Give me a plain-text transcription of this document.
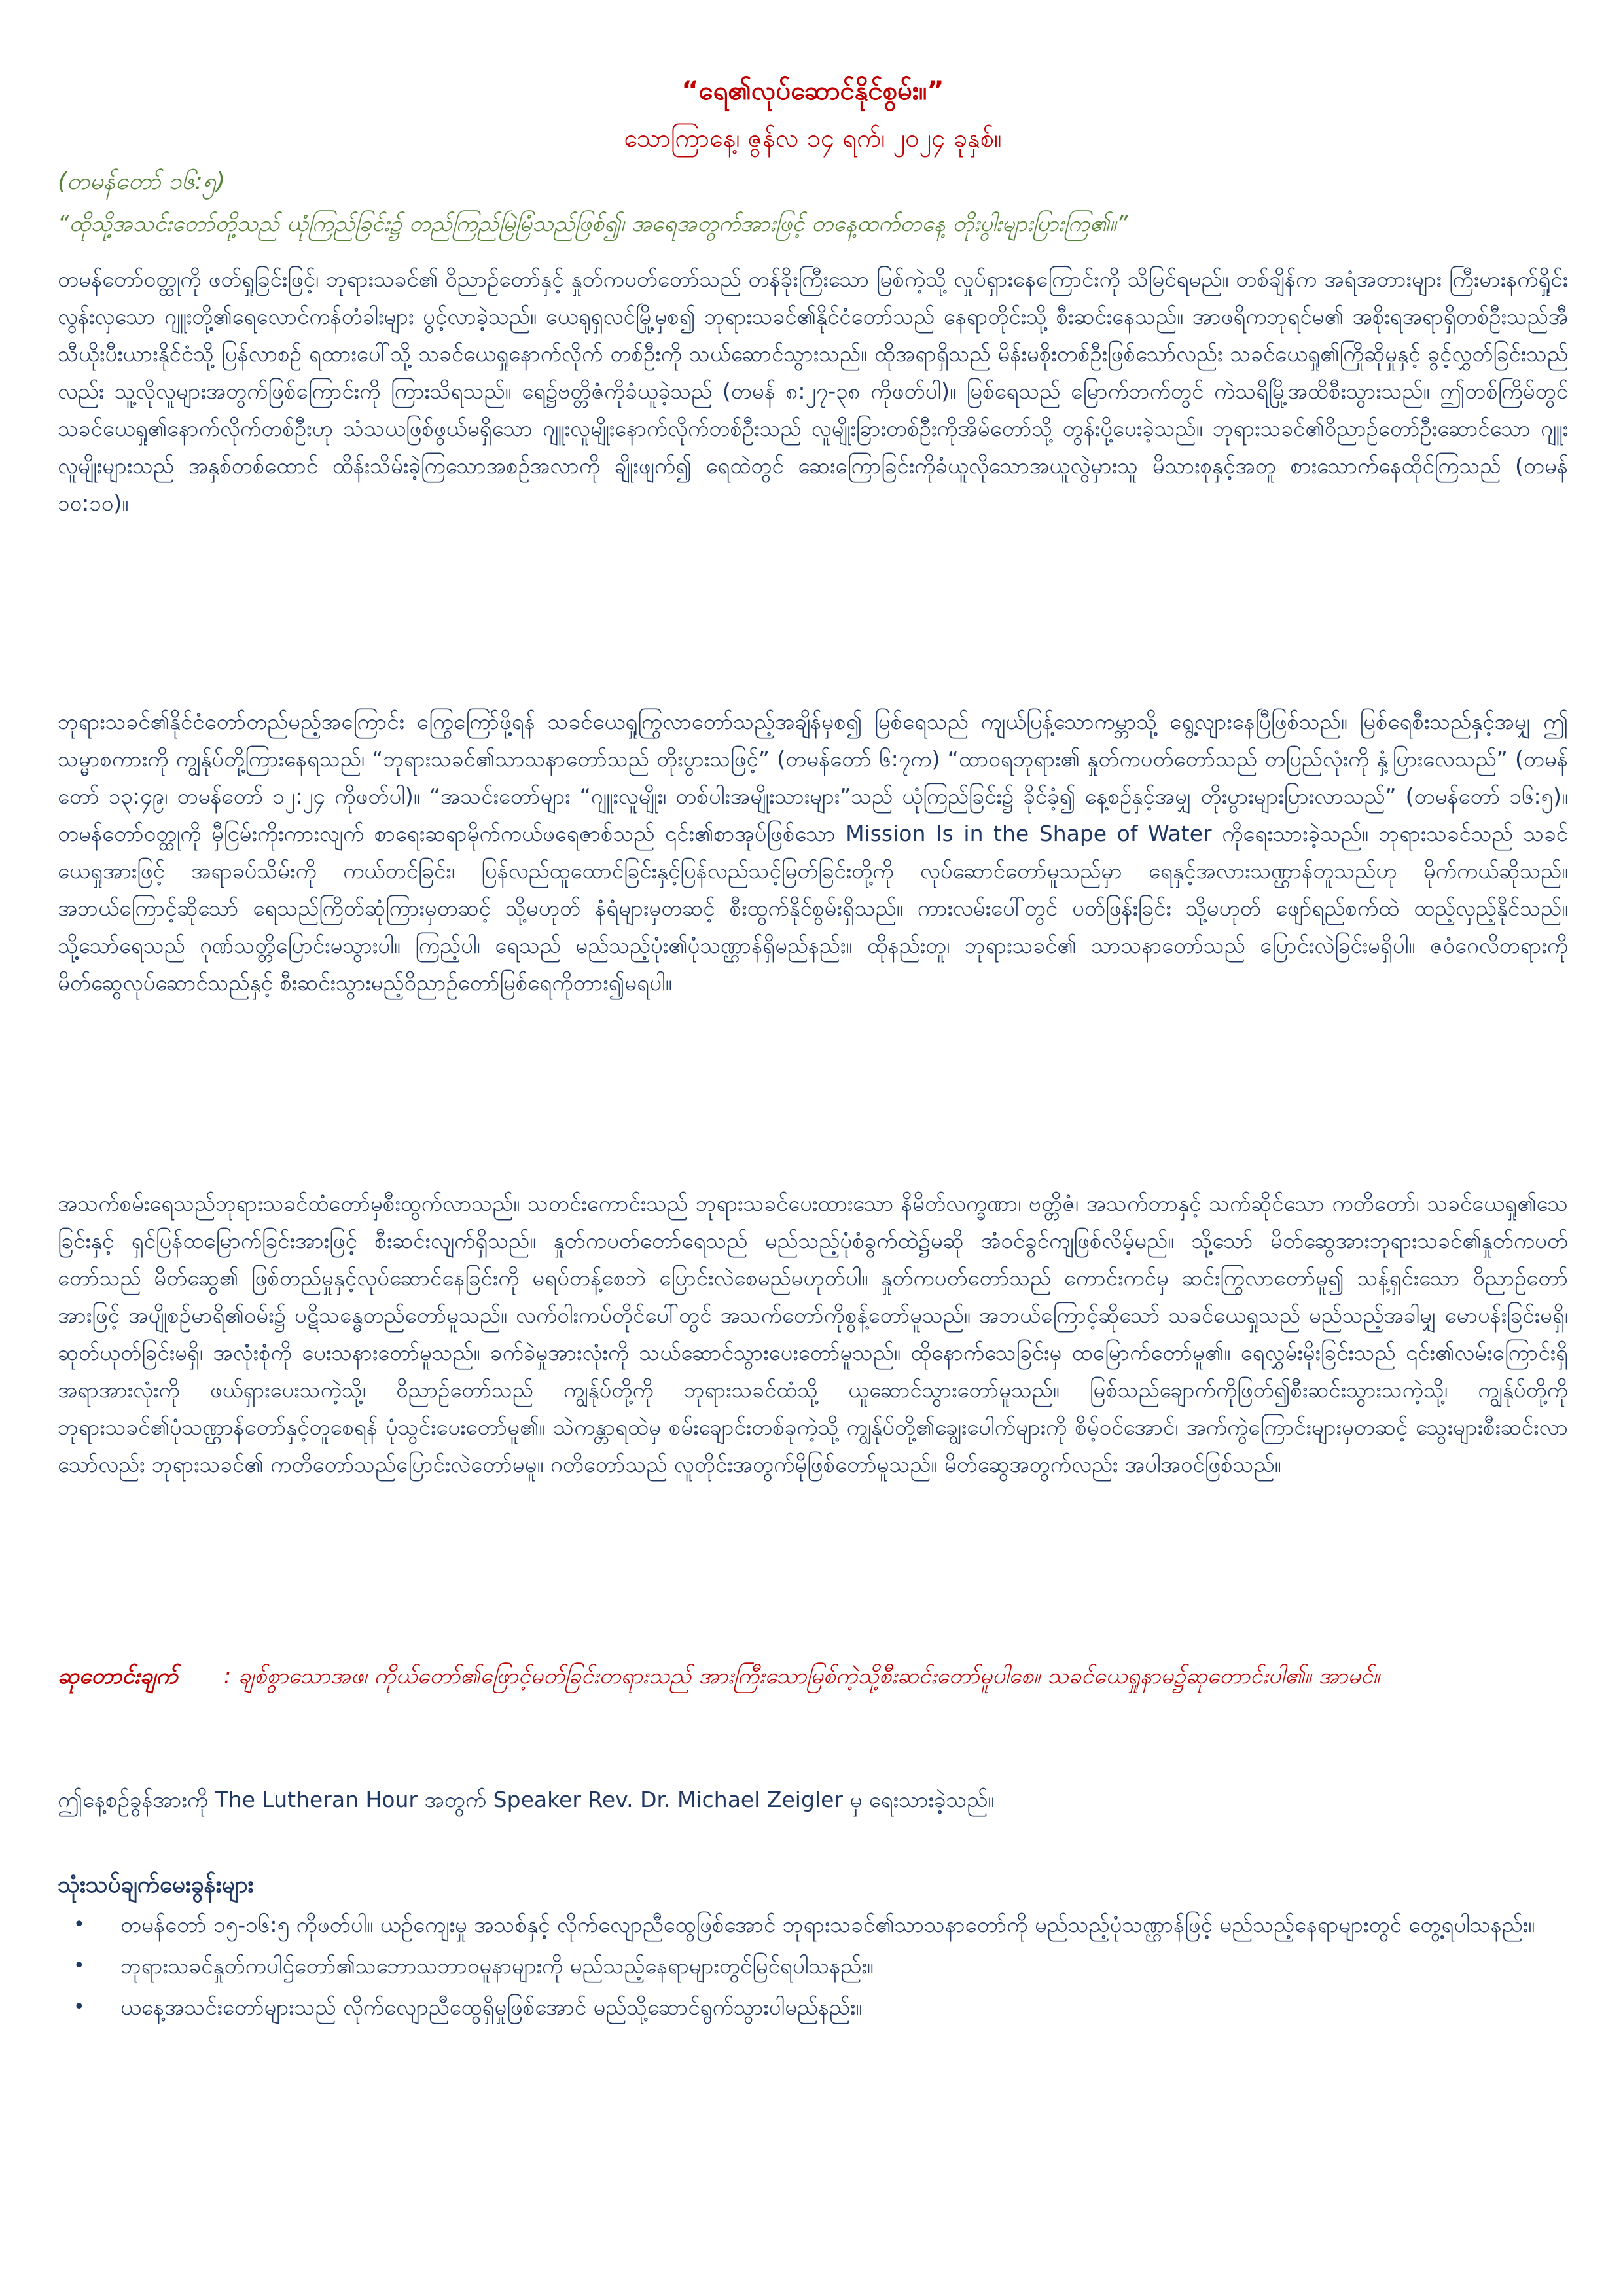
“ရေ၏လုပ်ဆောင်နိုင်စွမ်း။”

သောကြာနေ့၊ ဇွန်လ ၁၄ ရက်၊ ၂၀၂၄ ခုနှစ်။

(တမန်တော် ၁၆:၅)

“ထိုသို့အသင်းတော်တို့သည် ယုံကြည်ခြင်း၌ တည်ကြည်မြဲမြံသည်ဖြစ်၍၊ အရေအတွက်အားဖြင့် တနေ့ထက်တနေ့ တိုးပွါးများပြားကြ၏။”

တမန်တော်ဝတ္ထုကို ဖတ်ရှုခြင်းဖြင့်၊ ဘုရားသခင်၏ ဝိညာဉ်တော်နှင့် နှုတ်ကပတ်တော်သည် တန်ခိုးကြီးသော မြစ်ကဲ့သို့ လှုပ်ရှားနေကြောင်းကို သိမြင်ရမည်။ တစ်ချိန်က အရံအတားများ ကြီးမားနက်ရှိုင်းလွန်းလှသော ဂျူးတို့၏ရေလောင်ကန်တံခါးများ ပွင့်လာခဲ့သည်။ ယေရုရှလင်မြို့မှစ၍ ဘုရားသခင်၏နိုင်ငံတော်သည် နေရာတိုင်းသို့ စီးဆင်းနေသည်။ အာဖရိကဘုရင်မ၏ အစိုးရအရာရှိတစ်ဦးသည်အီသီယိုးပီးယားနိုင်ငံသို့ ပြန်လာစဉ် ရထားပေါ်သို့ သခင်ယေရှုနောက်လိုက် တစ်ဦးကို သယ်ဆောင်သွားသည်။ ထိုအရာရှိသည် မိန်းမစိုးတစ်ဦးဖြစ်သော်လည်း သခင်ယေရှု၏ကြိုဆိုမှုနှင့် ခွင့်လွှတ်ခြင်းသည်လည်း သူ့လိုလူများအတွက်ဖြစ်ကြောင်းကို ကြားသိရသည်။ ရေ၌ဗတ္တိဇံကိုခံယူခဲ့သည် (တမန် ၈:၂၇-၃၈ ကိုဖတ်ပါ)။ မြစ်ရေသည် မြောက်ဘက်တွင် ကဲသရိမြို့အထိစီးသွားသည်။ ဤတစ်ကြိမ်တွင် သခင်ယေရှု၏နောက်လိုက်တစ်ဦးဟု သံသယဖြစ်ဖွယ်မရှိသော ဂျူးလူမျိုးနောက်လိုက်တစ်ဦးသည် လူမျိုးခြားတစ်ဦးကိုအိမ်တော်သို့ တွန်းပို့ပေးခဲ့သည်။ ဘုရားသခင်၏ဝိညာဉ်တော်ဦးဆောင်သော ဂျူးလူမျိုးများသည် အနှစ်တစ်ထောင် ထိန်းသိမ်းခဲ့ကြသောအစဉ်အလာကို ချိုးဖျက်၍ ရေထဲတွင် ဆေးကြောခြင်းကိုခံယူလိုသောအယူလွဲမှားသူ မိသားစုနှင့်အတူ စားသောက်နေထိုင်ကြသည် (တမန် ၁၀:၁၀)။

ဘုရားသခင်၏နိုင်ငံတော်တည်မည့်အကြောင်း ကြွေကြော်ဖို့ရန် သခင်ယေရှုကြွလာတော်သည့်အချိန်မှစ၍ မြစ်ရေသည် ကျယ်ပြန့်သောကမ္ဘာသို့ ရွေ့လျားနေပြီဖြစ်သည်။ မြစ်ရေစီးသည်နှင့်အမျှ ဤသမ္မာစကားကို ကျွန်ုပ်တို့ကြားနေရသည်၊ “ဘုရားသခင်၏သာသနာတော်သည် တိုးပွားသဖြင့်” (တမန်တော် ၆:၇က) “ထာဝရဘုရား၏ နှုတ်ကပတ်တော်သည် တပြည်လုံးကို နှံ့ပြားလေသည်” (တမန်တော် ၁၃:၄၉၊ တမန်တော် ၁၂:၂၄ ကိုဖတ်ပါ)။ “အသင်းတော်များ “ဂျူးလူမျိုး၊ တစ်ပါးအမျိုးသားများ”သည် ယုံကြည်ခြင်း၌ ခိုင်ခံ့၍ နေ့စဉ်နှင့်အမျှ တိုးပွားများပြားလာသည်” (တမန်တော် ၁၆:၅)။ တမန်တော်ဝတ္ထုကို မှီငြမ်းကိုးကားလျက် စာရေးဆရာမိုက်ကယ်ဖရေဇာစ်သည် ၎င်း၏စာအုပ်ဖြစ်သော Mission Is in the Shape of Water ကိုရေးသားခဲ့သည်။ ဘုရားသခင်သည် သခင်ယေရှုအားဖြင့် အရာခပ်သိမ်းကို ကယ်တင်ခြင်း၊ ပြန်လည်ထူထောင်ခြင်းနှင့်ပြန်လည်သင့်မြတ်ခြင်းတို့ကို လုပ်ဆောင်တော်မူသည်မှာ ရေနှင့်အလားသဏ္ဌာန်တူသည်ဟု မိုက်ကယ်ဆိုသည်။ အဘယ်ကြောင့်ဆိုသော် ရေသည်ကြိတ်ဆုံကြားမှတဆင့် သို့မဟုတ် နံရံများမှတဆင့် စီးထွက်နိုင်စွမ်းရှိသည်။ ကားလမ်းပေါ်တွင် ပတ်ဖြန်းခြင်း သို့မဟုတ် ဖျော်ရည်စက်ထဲ ထည့်လှည့်နိုင်သည်။ သို့သော်ရေသည် ဂုဏ်သတ္တိပြောင်းမသွားပါ။ ကြည့်ပါ၊ ရေသည် မည်သည့်ပုံး၏ပုံသဏ္ဌာန်ရှိမည်နည်း။ ထိုနည်းတူ၊ ဘုရားသခင်၏ သာသနာတော်သည် ပြောင်းလဲခြင်းမရှိပါ။ ဇဝံဂေလိတရားကို မိတ်ဆွေလုပ်ဆောင်သည်နှင့် စီးဆင်းသွားမည့်ဝိညာဉ်တော်မြစ်ရေကိုတား၍မရပါ။

အသက်စမ်းရေသည်ဘုရားသခင်ထံတော်မှစီးထွက်လာသည်။ သတင်းကောင်းသည် ဘုရားသခင်ပေးထားသော နိမိတ်လက္ခဏာ၊ ဗတ္တိဇံ၊ အသက်တာနှင့် သက်ဆိုင်သော ကတိတော်၊ သခင်ယေရှု၏သေခြင်းနှင့် ရှင်ပြန်ထမြောက်ခြင်းအားဖြင့် စီးဆင်းလျက်ရှိသည်။ နှုတ်ကပတ်တော်ရေသည် မည်သည့်ပုံစံခွက်ထဲ၌မဆို အံဝင်ခွင်ကျဖြစ်လိမ့်မည်။ သို့သော် မိတ်ဆွေအားဘုရားသခင်၏နှုတ်ကပတ်တော်သည် မိတ်ဆွေ၏ ဖြစ်တည်မှုနှင့်လုပ်ဆောင်နေခြင်းကို မရပ်တန့်စေဘဲ ပြောင်းလဲစေမည်မဟုတ်ပါ။ နှုတ်ကပတ်တော်သည် ကောင်းကင်မှ ဆင်းကြွလာတော်မူ၍ သန့်ရှင်းသော ဝိညာဉ်တော်အားဖြင့် အပျိုစဉ်မာရိ၏ဝမ်း၌ ပဋိသန္ဓေတည်တော်မူသည်။ လက်ဝါးကပ်တိုင်ပေါ်တွင် အသက်တော်ကိုစွန့်တော်မူသည်။ အဘယ်ကြောင့်ဆိုသော် သခင်ယေရှုသည် မည်သည့်အခါမျှ မောပန်းခြင်းမရှိ၊ ဆုတ်ယုတ်ခြင်းမရှိ၊ အလုံးစုံကို ပေးသနားတော်မူသည်။ ခက်ခဲမှုအားလုံးကို သယ်ဆောင်သွားပေးတော်မူသည်။ ထိုနောက်သေခြင်းမှ ထမြောက်တော်မူ၏။ ရေလွှမ်းမိုးခြင်းသည် ၎င်း၏လမ်းကြောင်းရှိ အရာအားလုံးကို ဖယ်ရှားပေးသကဲ့သို့၊ ဝိညာဉ်တော်သည် ကျွန်ုပ်တို့ကို ဘုရားသခင်ထံသို့ ယူဆောင်သွားတော်မူသည်။ မြစ်သည်ချောက်ကိုဖြတ်၍စီးဆင်းသွားသကဲ့သို့၊ ကျွန်ုပ်တို့ကို ဘုရားသခင်၏ပုံသဏ္ဌာန်တော်နှင့်တူစေရန် ပုံသွင်းပေးတော်မူ၏။ သဲကန္တာရထဲမှ စမ်းချောင်းတစ်ခုကဲ့သို့ ကျွန်ုပ်တို့၏ချွေးပေါက်များကို စိမ့်ဝင်အောင်၊ အက်ကွဲကြောင်းများမှတဆင့် သွေးများစီးဆင်းလာသော်လည်း ဘုရားသခင်၏ ကတိတော်သည်ပြောင်းလဲတော်မမူ။ ဂတိတော်သည် လူတိုင်းအတွက်မိုဖြစ်တော်မူသည်။ မိတ်ဆွေအတွက်လည်း အပါအဝင်ဖြစ်သည်။

ဆုတောင်းချက် : ချစ်စွာသောအဖ၊ ကိုယ်တော်၏ဖြောင့်မတ်ခြင်းတရားသည် အားကြီးသောမြစ်ကဲ့သို့စီးဆင်းတော်မူပါစေ။ သခင်ယေရှုနာမ၌ဆုတောင်းပါ၏။ အာမင်။

ဤနေ့စဉ်ခွန်အားကို The Lutheran Hour အတွက် Speaker Rev. Dr. Michael Zeigler မှ ရေးသားခဲ့သည်။

သုံးသပ်ချက်မေးခွန်းများ
• တမန်တော် ၁၅-၁၆:၅ ကိုဖတ်ပါ။ ယဉ်ကျေးမှု အသစ်နှင့် လိုက်လျောညီထွေဖြစ်အောင် ဘုရားသခင်၏သာသနာတော်ကို မည်သည့်ပုံသဏ္ဌာန်ဖြင့် မည်သည့်နေရာများတွင် တွေ့ရပါသနည်း။
• ဘုရားသခင်နှုတ်ကပါဌ်တော်၏သဘောသဘာဝမူနာများကို မည်သည့်နေရာများတွင်မြင်ရပါသနည်း။
• ယနေ့အသင်းတော်များသည် လိုက်လျောညီထွေရှိမှုဖြစ်အောင် မည်သို့ဆောင်ရွက်သွားပါမည်နည်း။
